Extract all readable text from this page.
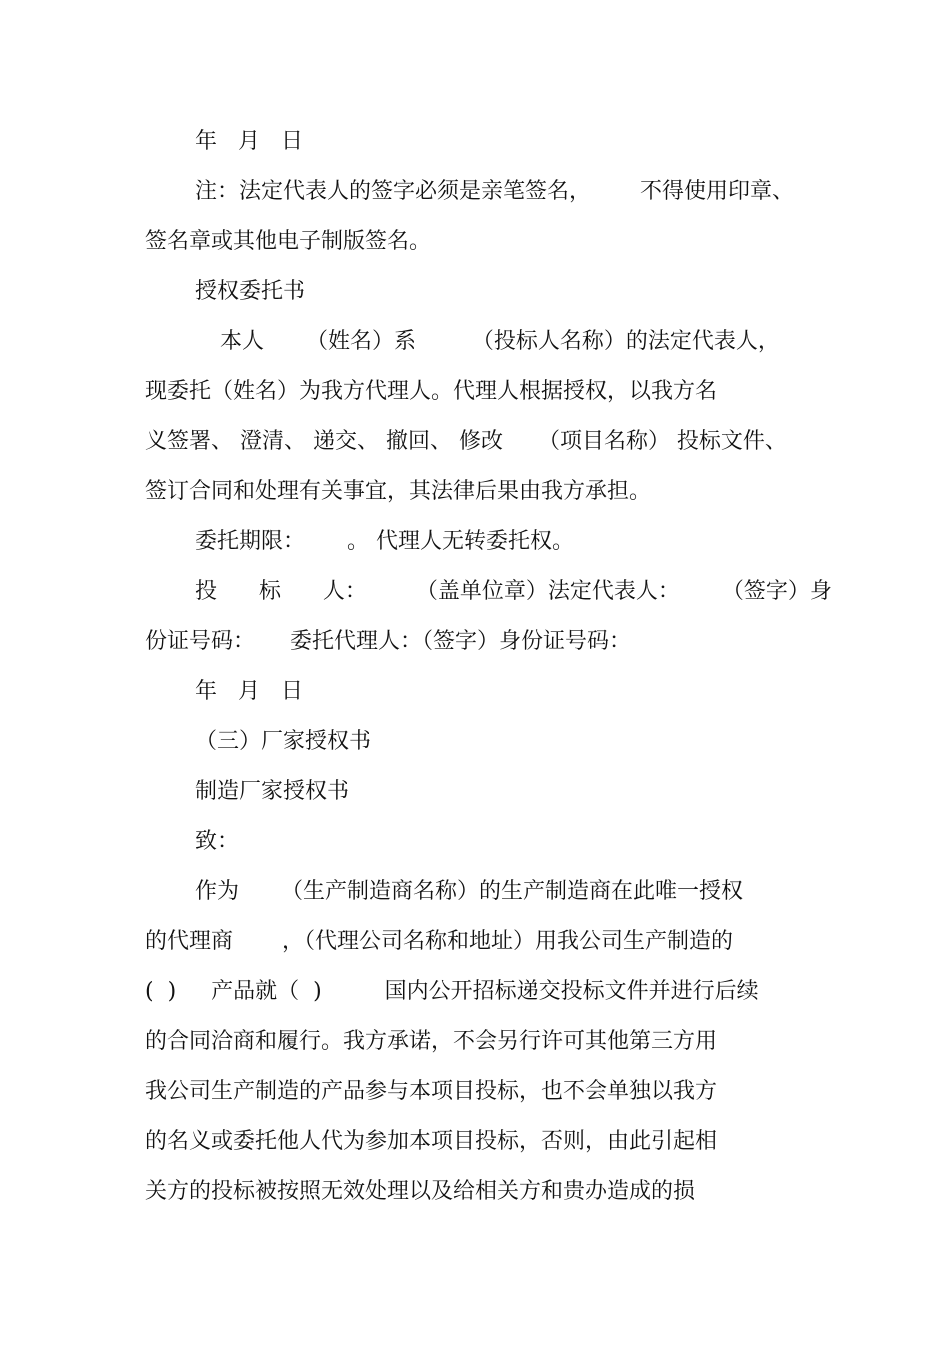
年   月   日

注：法定代表人的签字必须是亲笔签名，       不得使用印章、

签名章或其他电子制版签名。

授权委托书

本人      （姓名）系        （投标人名称）的法定代表人，

现委托（姓名）为我方代理人。代理人根据授权，以我方名

义签署、 澄清、 递交、 撤回、 修改     （项目名称） 投标文件、

签订合同和处理有关事宜，其法律后果由我方承担。

委托期限：      。 代理人无转委托权。

投      标      人：       （盖单位章）法定代表人：      （签字）身

份证号码：     委托代理人：（签字）身份证号码：

年   月   日

（三）厂家授权书

制造厂家授权书

致：

作为      （生产制造商名称）的生产制造商在此唯一授权

的代理商       ，（代理公司名称和地址）用我公司生产制造的

(  )     产品就（  )         国内公开招标递交投标文件并进行后续

的合同洽商和履行。我方承诺，不会另行许可其他第三方用

我公司生产制造的产品参与本项目投标，也不会单独以我方

的名义或委托他人代为参加本项目投标，否则，由此引起相

关方的投标被按照无效处理以及给相关方和贵办造成的损
